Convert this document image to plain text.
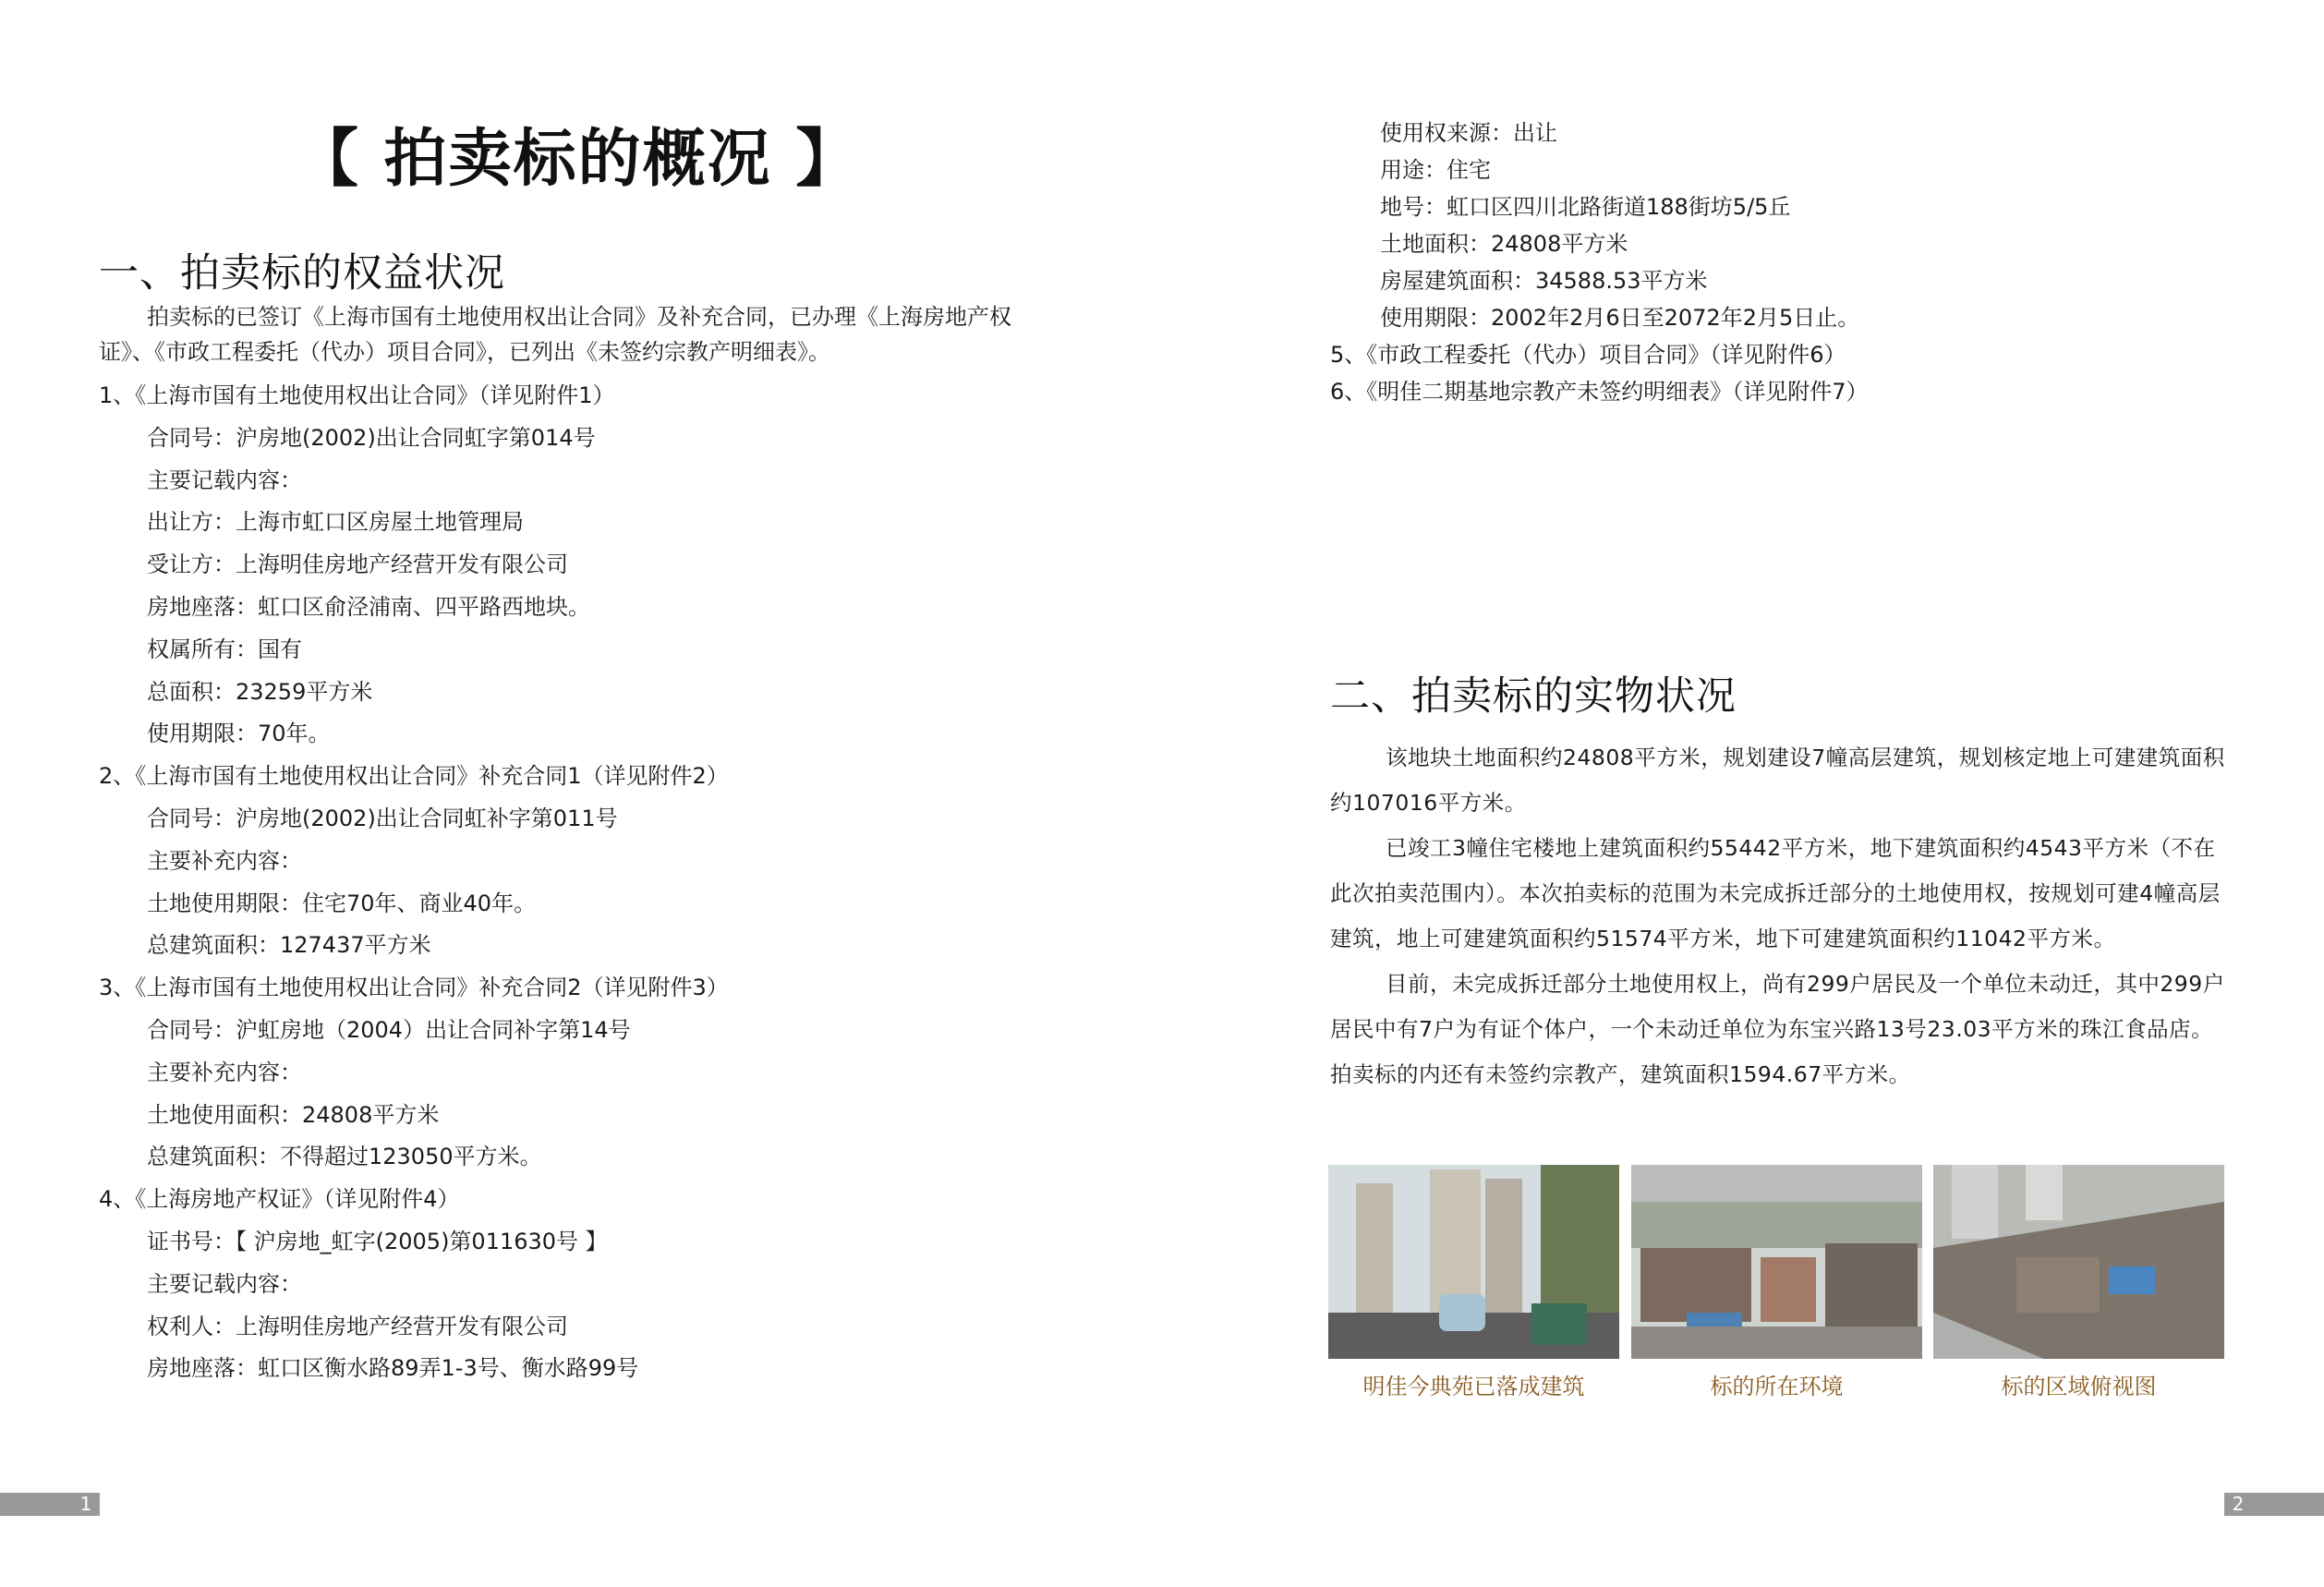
【 拍卖标的概况 】
一、拍卖标的权益状况
拍卖标的已签订《上海市国有土地使用权出让合同》及补充合同，已办理《上海房地产权证》、《市政工程委托（代办）项目合同》，已列出《未签约宗教产明细表》。
1、《上海市国有土地使用权出让合同》（详见附件1）
合同号：沪房地(2002)出让合同虹字第014号
主要记载内容：
出让方：上海市虹口区房屋土地管理局
受让方：上海明佳房地产经营开发有限公司
房地座落：虹口区俞泾浦南、四平路西地块。
权属所有：国有
总面积：23259平方米
使用期限：70年。
2、《上海市国有土地使用权出让合同》补充合同1（详见附件2）
合同号：沪房地(2002)出让合同虹补字第011号
主要补充内容：
土地使用期限：住宅70年、商业40年。
总建筑面积：127437平方米
3、《上海市国有土地使用权出让合同》补充合同2（详见附件3）
合同号：沪虹房地（2004）出让合同补字第14号
主要补充内容：
土地使用面积：24808平方米
总建筑面积：不得超过123050平方米。
4、《上海房地产权证》（详见附件4）
证书号：【 沪房地_虹字(2005)第011630号 】
主要记载内容：
权利人：上海明佳房地产经营开发有限公司
房地座落：虹口区衡水路89弄1-3号、衡水路99号
使用权来源：出让
用途：住宅
地号：虹口区四川北路街道188街坊5/5丘
土地面积：24808平方米
房屋建筑面积：34588.53平方米
使用期限：2002年2月6日至2072年2月5日止。
5、《市政工程委托（代办）项目合同》（详见附件6）
6、《明佳二期基地宗教产未签约明细表》（详见附件7）
二、拍卖标的实物状况

该地块土地面积约24808平方米，规划建设7幢高层建筑，规划核定地上可建建筑面积约107016平方米。

已竣工3幢住宅楼地上建筑面积约55442平方米，地下建筑面积约4543平方米（不在此次拍卖范围内）。本次拍卖标的范围为未完成拆迁部分的土地使用权，按规划可建4幢高层建筑，地上可建建筑面积约51574平方米，地下可建建筑面积约11042平方米。

目前，未完成拆迁部分土地使用权上，尚有299户居民及一个单位未动迁，其中299户居民中有7户为有证个体户，一个未动迁单位为东宝兴路13号23.03平方米的珠江食品店。拍卖标的内还有未签约宗教产，建筑面积1594.67平方米。

明佳今典苑已落成建筑	标的所在环境	标的区域俯视图
1	2
